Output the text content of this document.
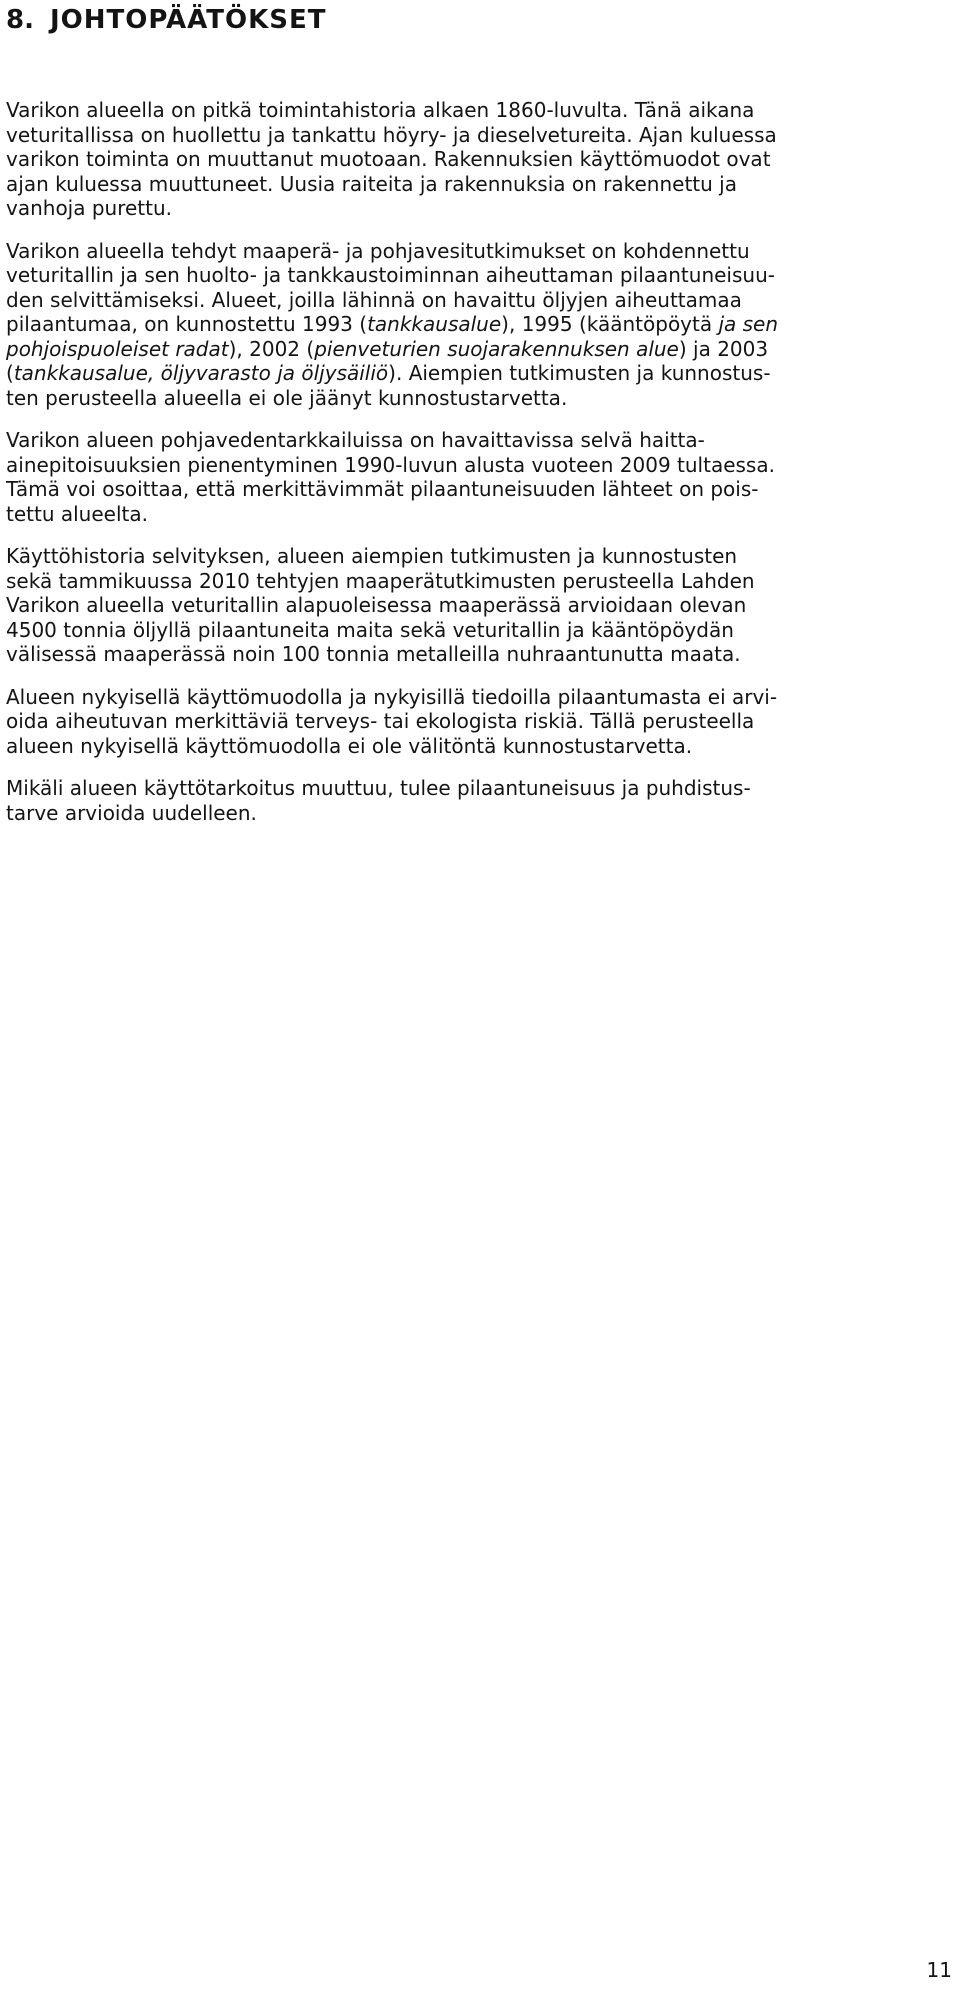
8. JOHTOPÄÄTÖKSET

Varikon alueella on pitkä toimintahistoria alkaen 1860-luvulta. Tänä aikana
veturitallissa on huollettu ja tankattu höyry- ja dieselvetureita. Ajan kuluessa
varikon toiminta on muuttanut muotoaan. Rakennuksien käyttömuodot ovat
ajan kuluessa muuttuneet. Uusia raiteita ja rakennuksia on rakennettu ja
vanhoja purettu.

Varikon alueella tehdyt maaperä- ja pohjavesitutkimukset on kohdennettu
veturitallin ja sen huolto- ja tankkaustoiminnan aiheuttaman pilaantuneisuu-
den selvittämiseksi. Alueet, joilla lähinnä on havaittu öljyjen aiheuttamaa
pilaantumaa, on kunnostettu 1993 (tankkausalue), 1995 (kääntöpöytä ja sen
pohjoispuoleiset radat), 2002 (pienveturien suojarakennuksen alue) ja 2003
(tankkausalue, öljyvarasto ja öljysäiliö). Aiempien tutkimusten ja kunnostus-
ten perusteella alueella ei ole jäänyt kunnostustarvetta.

Varikon alueen pohjavedentarkkailuissa on havaittavissa selvä haitta-
ainepitoisuuksien pienentyminen 1990-luvun alusta vuoteen 2009 tultaessa.
Tämä voi osoittaa, että merkittävimmät pilaantuneisuuden lähteet on pois-
tettu alueelta.

Käyttöhistoria selvityksen, alueen aiempien tutkimusten ja kunnostusten
sekä tammikuussa 2010 tehtyjen maaperätutkimusten perusteella Lahden
Varikon alueella veturitallin alapuoleisessa maaperässä arvioidaan olevan
4500 tonnia öljyllä pilaantuneita maita sekä veturitallin ja kääntöpöydän
välisessä maaperässä noin 100 tonnia metalleilla nuhraantunutta maata.

Alueen nykyisellä käyttömuodolla ja nykyisillä tiedoilla pilaantumasta ei arvi-
oida aiheutuvan merkittäviä terveys- tai ekologista riskiä. Tällä perusteella
alueen nykyisellä käyttömuodolla ei ole välitöntä kunnostustarvetta.

Mikäli alueen käyttötarkoitus muuttuu, tulee pilaantuneisuus ja puhdistus-
tarve arvioida uudelleen.

11
